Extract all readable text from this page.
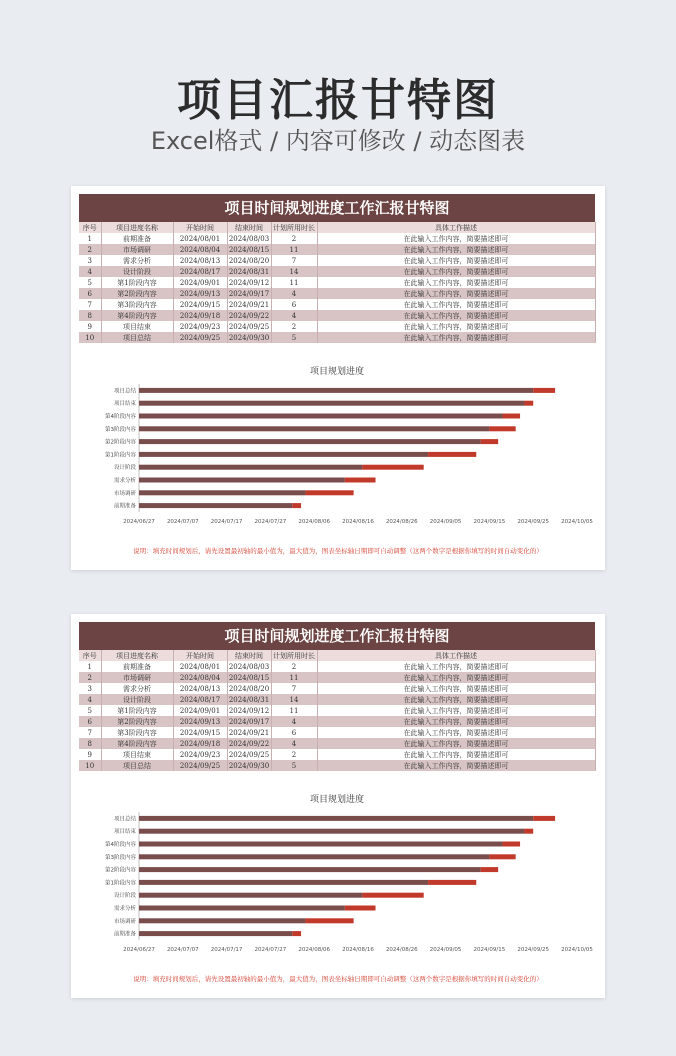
项目汇报甘特图

Excel格式 / 内容可修改 / 动态图表

项目时间规划进度工作汇报甘特图
序号	项目进度名称	开始时间	结束时间	计划所用时长	具体工作描述
1	前期准备	2024/08/01	2024/08/03	2	在此输入工作内容，简要描述即可
2	市场调研	2024/08/04	2024/08/15	11	在此输入工作内容，简要描述即可
3	需求分析	2024/08/13	2024/08/20	7	在此输入工作内容，简要描述即可
4	设计阶段	2024/08/17	2024/08/31	14	在此输入工作内容，简要描述即可
5	第1阶段内容	2024/09/01	2024/09/12	11	在此输入工作内容，简要描述即可
6	第2阶段内容	2024/09/13	2024/09/17	4	在此输入工作内容，简要描述即可
7	第3阶段内容	2024/09/15	2024/09/21	6	在此输入工作内容，简要描述即可
8	第4阶段内容	2024/09/18	2024/09/22	4	在此输入工作内容，简要描述即可
9	项目结束	2024/09/23	2024/09/25	2	在此输入工作内容，简要描述即可
10	项目总结	2024/09/25	2024/09/30	5	在此输入工作内容，简要描述即可
项目规划进度
项目总结
项目结束
第4阶段内容
第3阶段内容
第2阶段内容
第1阶段内容
设计阶段
需求分析
市场调研
前期准备
2024/06/27 2024/07/07 2024/07/17 2024/07/27 2024/08/06 2024/08/16 2024/08/26 2024/09/05 2024/09/15 2024/09/25 2024/10/05
说明：填充时间规划后，请先设置最初轴的最小值为，最大值为，图表坐标轴日期即可自动调整（这两个数字是根据你填写的时间自动变化的）
项目时间规划进度工作汇报甘特图
序号	项目进度名称	开始时间	结束时间	计划所用时长	具体工作描述
1	前期准备	2024/08/01	2024/08/03	2	在此输入工作内容，简要描述即可
2	市场调研	2024/08/04	2024/08/15	11	在此输入工作内容，简要描述即可
3	需求分析	2024/08/13	2024/08/20	7	在此输入工作内容，简要描述即可
4	设计阶段	2024/08/17	2024/08/31	14	在此输入工作内容，简要描述即可
5	第1阶段内容	2024/09/01	2024/09/12	11	在此输入工作内容，简要描述即可
6	第2阶段内容	2024/09/13	2024/09/17	4	在此输入工作内容，简要描述即可
7	第3阶段内容	2024/09/15	2024/09/21	6	在此输入工作内容，简要描述即可
8	第4阶段内容	2024/09/18	2024/09/22	4	在此输入工作内容，简要描述即可
9	项目结束	2024/09/23	2024/09/25	2	在此输入工作内容，简要描述即可
10	项目总结	2024/09/25	2024/09/30	5	在此输入工作内容，简要描述即可
项目规划进度
项目总结
项目结束
第4阶段内容
第3阶段内容
第2阶段内容
第1阶段内容
设计阶段
需求分析
市场调研
前期准备
2024/06/27 2024/07/07 2024/07/17 2024/07/27 2024/08/06 2024/08/16 2024/08/26 2024/09/05 2024/09/15 2024/09/25 2024/10/05
说明：填充时间规划后，请先设置最初轴的最小值为，最大值为，图表坐标轴日期即可自动调整（这两个数字是根据你填写的时间自动变化的）
